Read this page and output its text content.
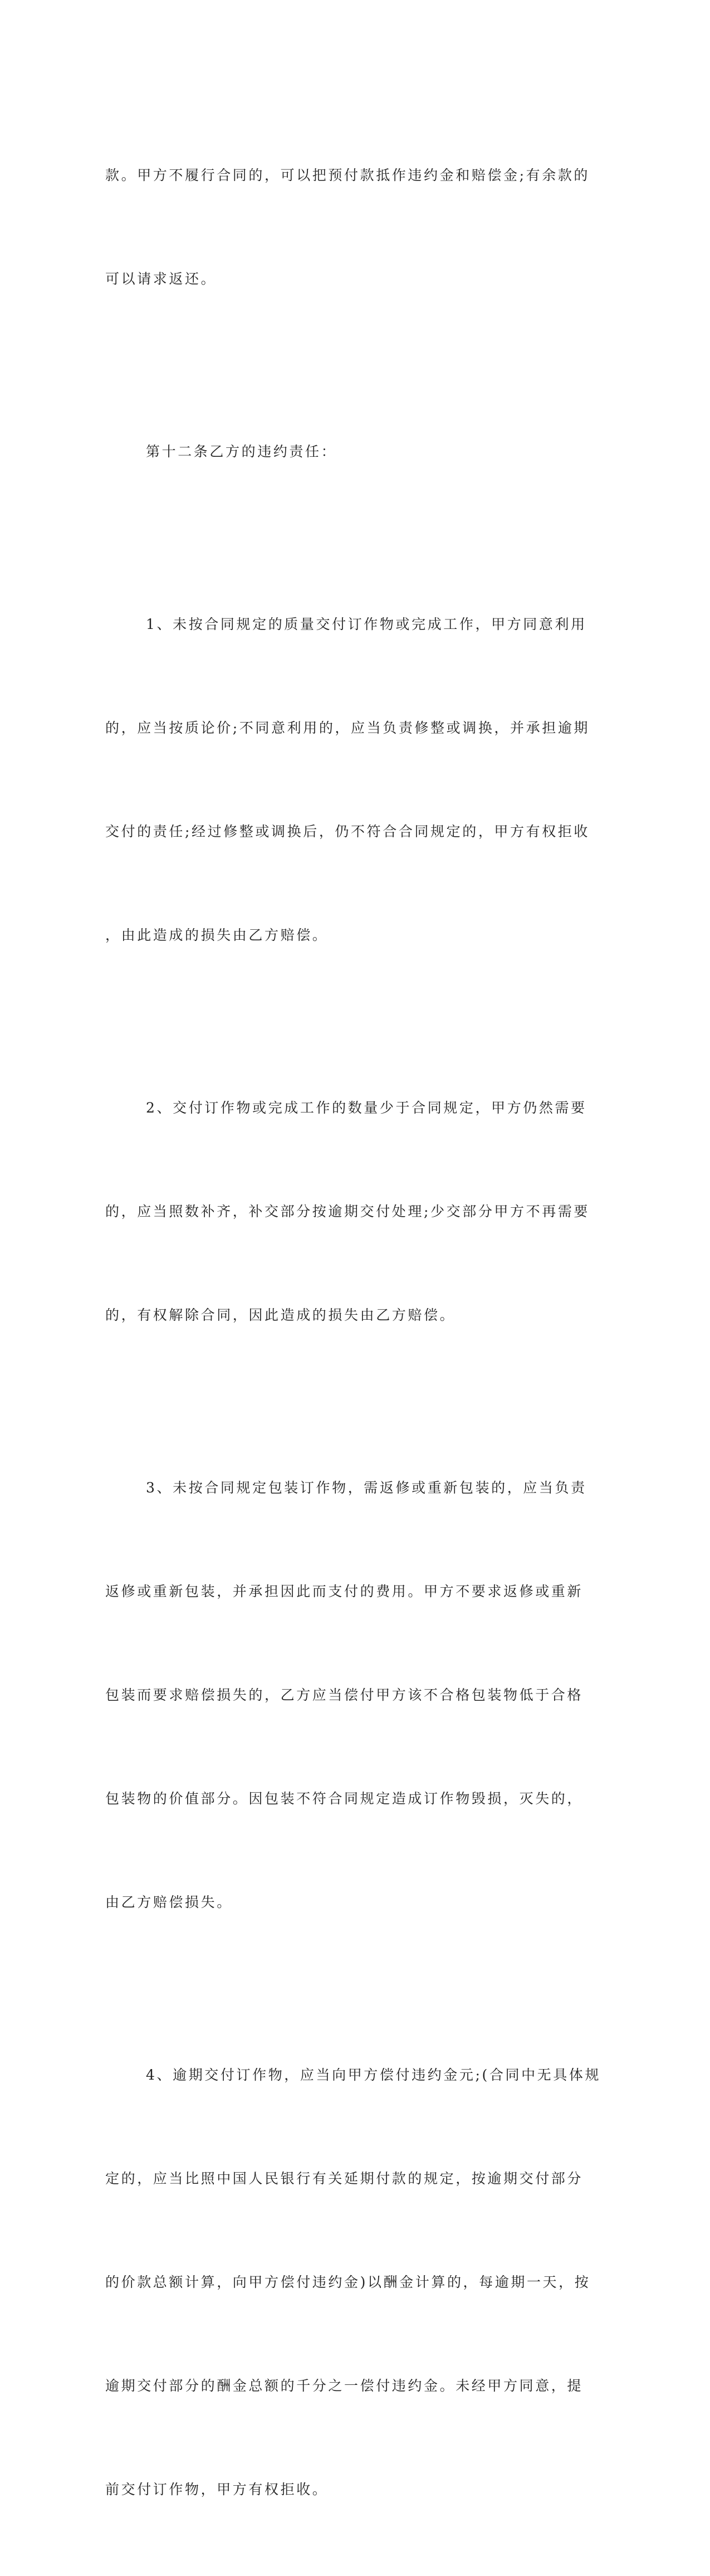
款。甲方不履行合同的，可以把预付款抵作违约金和赔偿金;有余款的

可以请求返还。

第十二条乙方的违约责任：

1、未按合同规定的质量交付订作物或完成工作，甲方同意利用

的，应当按质论价;不同意利用的，应当负责修整或调换，并承担逾期

交付的责任;经过修整或调换后，仍不符合合同规定的，甲方有权拒收

，由此造成的损失由乙方赔偿。

2、交付订作物或完成工作的数量少于合同规定，甲方仍然需要

的，应当照数补齐，补交部分按逾期交付处理;少交部分甲方不再需要

的，有权解除合同，因此造成的损失由乙方赔偿。

3、未按合同规定包装订作物，需返修或重新包装的，应当负责

返修或重新包装，并承担因此而支付的费用。甲方不要求返修或重新

包装而要求赔偿损失的，乙方应当偿付甲方该不合格包装物低于合格

包装物的价值部分。因包装不符合同规定造成订作物毁损，灭失的，

由乙方赔偿损失。

4、逾期交付订作物，应当向甲方偿付违约金元;(合同中无具体规

定的，应当比照中国人民银行有关延期付款的规定，按逾期交付部分

的价款总额计算，向甲方偿付违约金)以酬金计算的，每逾期一天，按

逾期交付部分的酬金总额的千分之一偿付违约金。未经甲方同意，提

前交付订作物，甲方有权拒收。
